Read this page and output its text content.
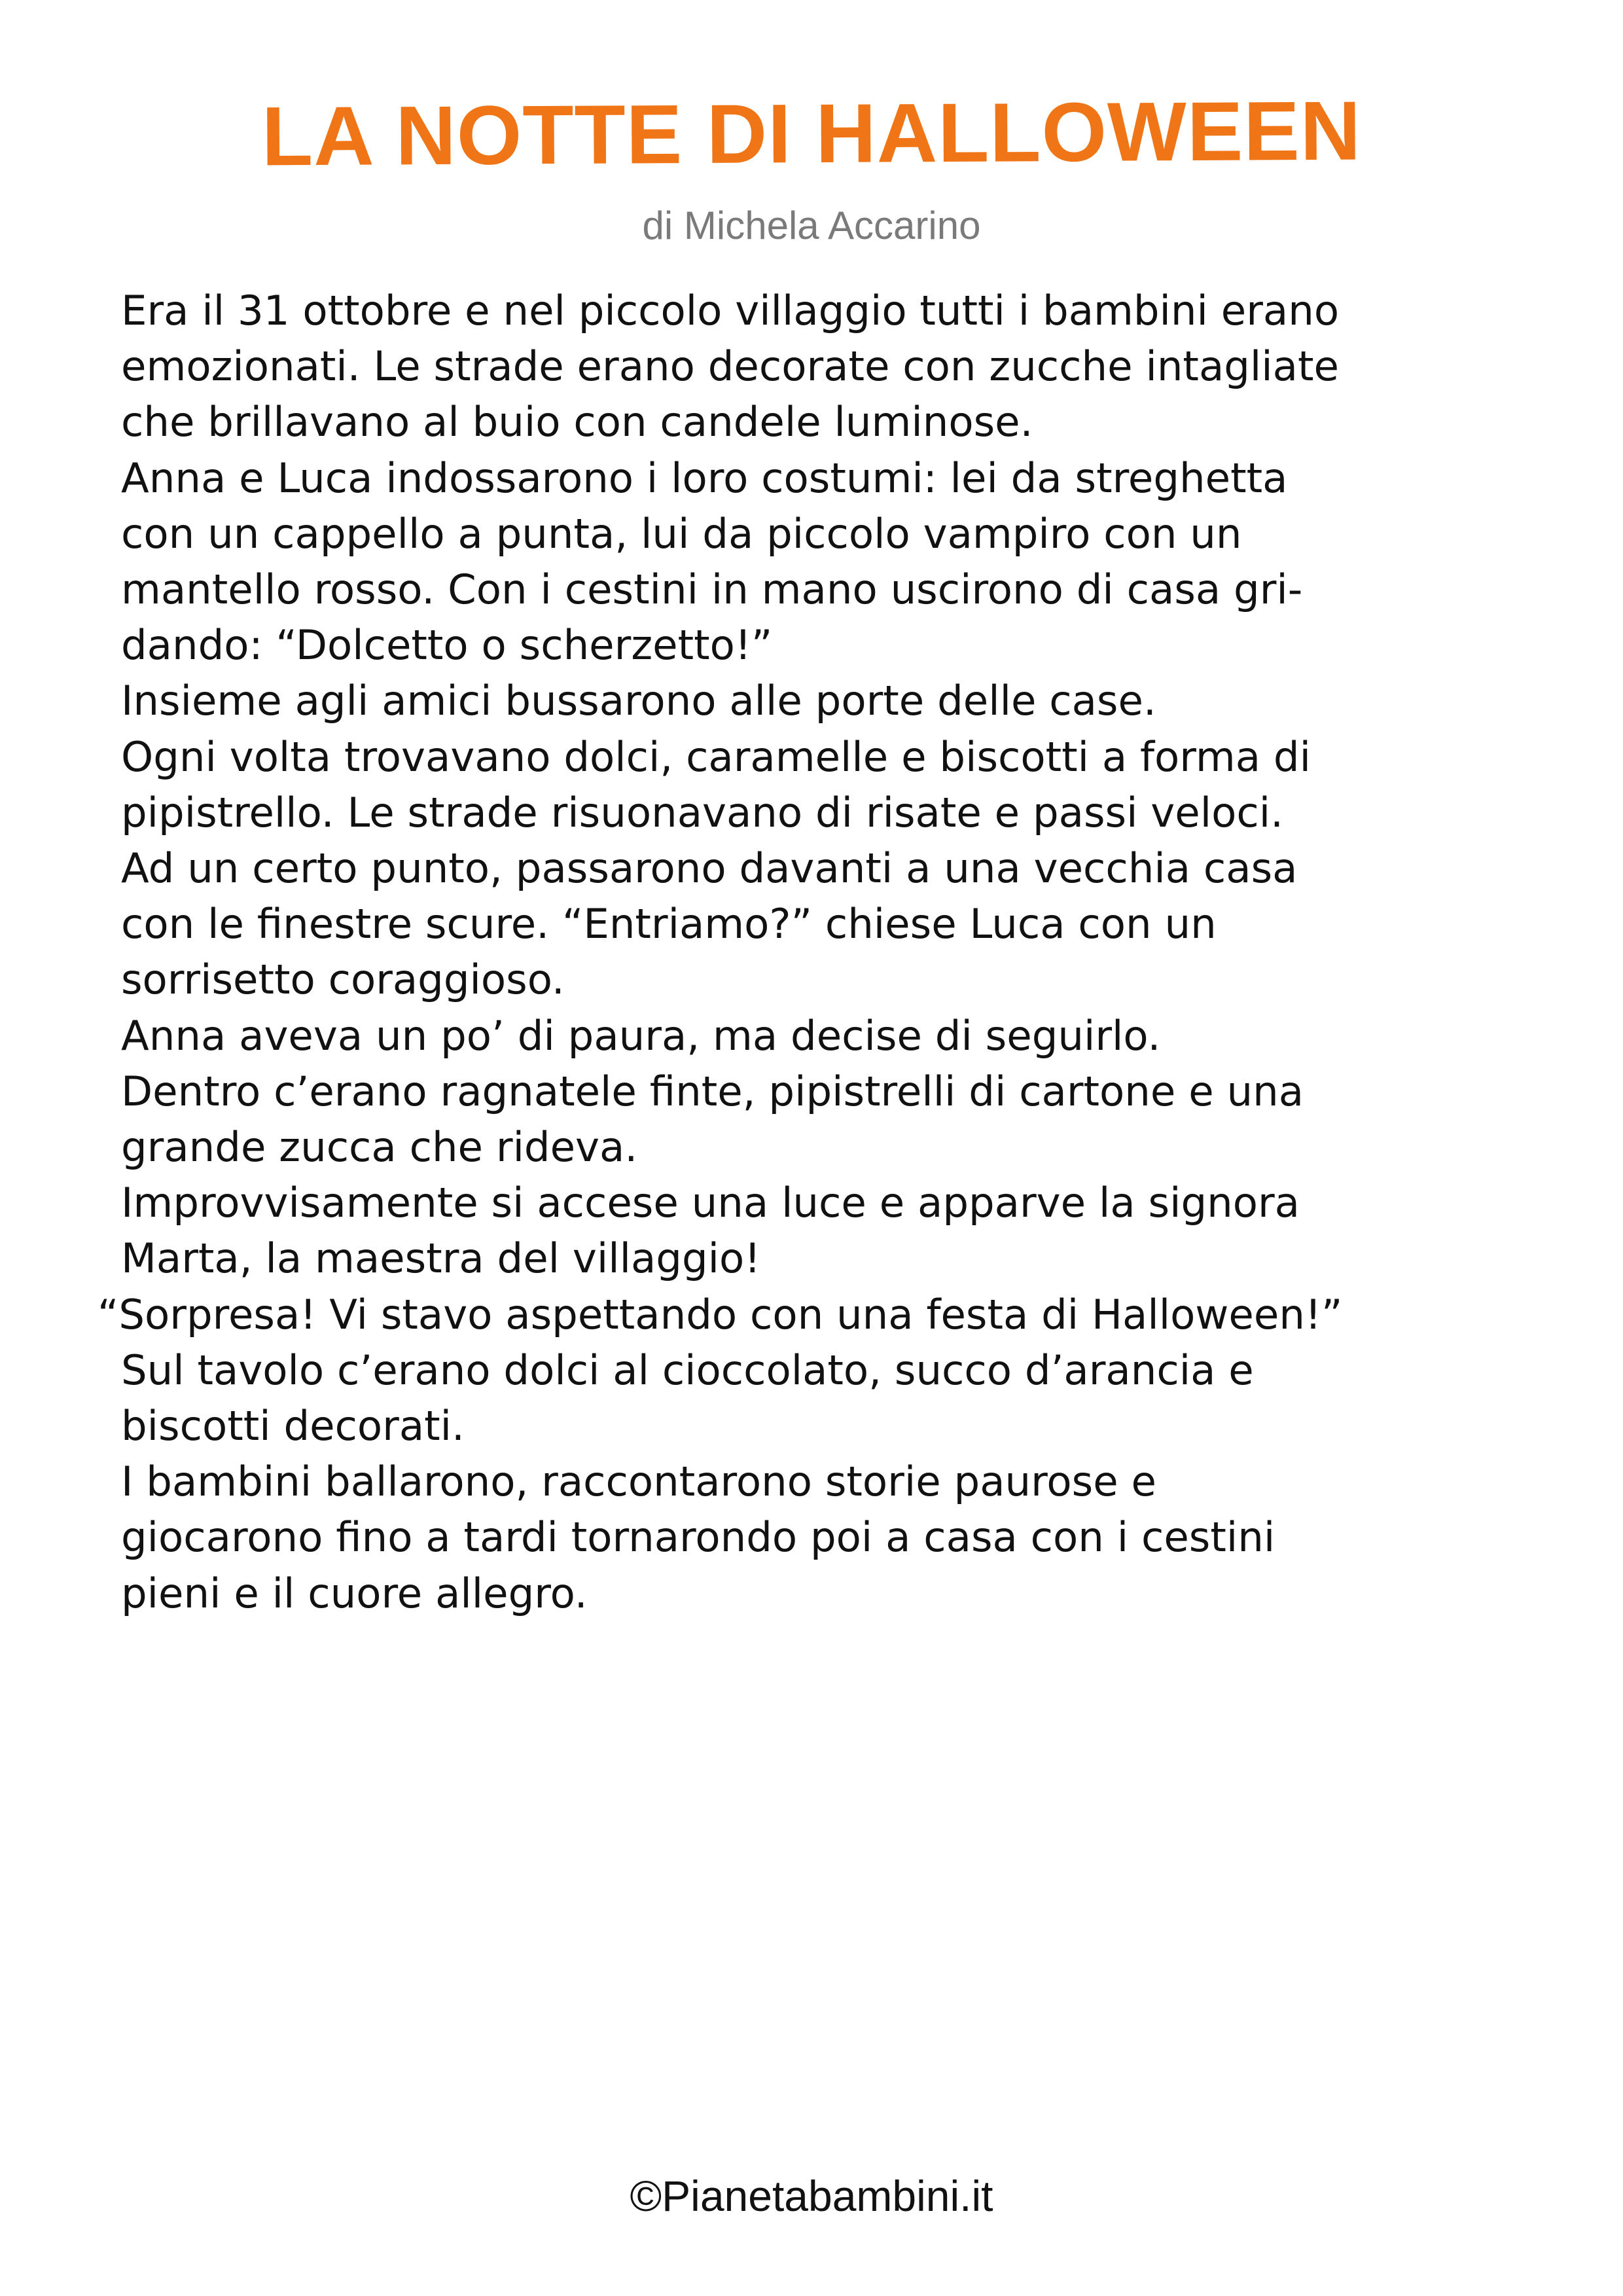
LA NOTTE DI HALLOWEEN
di Michela Accarino
Era il 31 ottobre e nel piccolo villaggio tutti i bambini erano
emozionati. Le strade erano decorate con zucche intagliate
che brillavano al buio con candele luminose.
Anna e Luca indossarono i loro costumi: lei da streghetta
con un cappello a punta, lui da piccolo vampiro con un
mantello rosso. Con i cestini in mano uscirono di casa gri-
dando: “Dolcetto o scherzetto!”
Insieme agli amici bussarono alle porte delle case.
Ogni volta trovavano dolci, caramelle e biscotti a forma di
pipistrello. Le strade risuonavano di risate e passi veloci.
Ad un certo punto, passarono davanti a una vecchia casa
con le finestre scure. “Entriamo?” chiese Luca con un
sorrisetto coraggioso.
Anna aveva un po’ di paura, ma decise di seguirlo.
Dentro c’erano ragnatele finte, pipistrelli di cartone e una
grande zucca che rideva.
Improvvisamente si accese una luce e apparve la signora
Marta, la maestra del villaggio!
“Sorpresa! Vi stavo aspettando con una festa di Halloween!”
Sul tavolo c’erano dolci al cioccolato, succo d’arancia e
biscotti decorati.
I bambini ballarono, raccontarono storie paurose e
giocarono fino a tardi tornarondo poi a casa con i cestini
pieni e il cuore allegro.
©Pianetabambini.it
